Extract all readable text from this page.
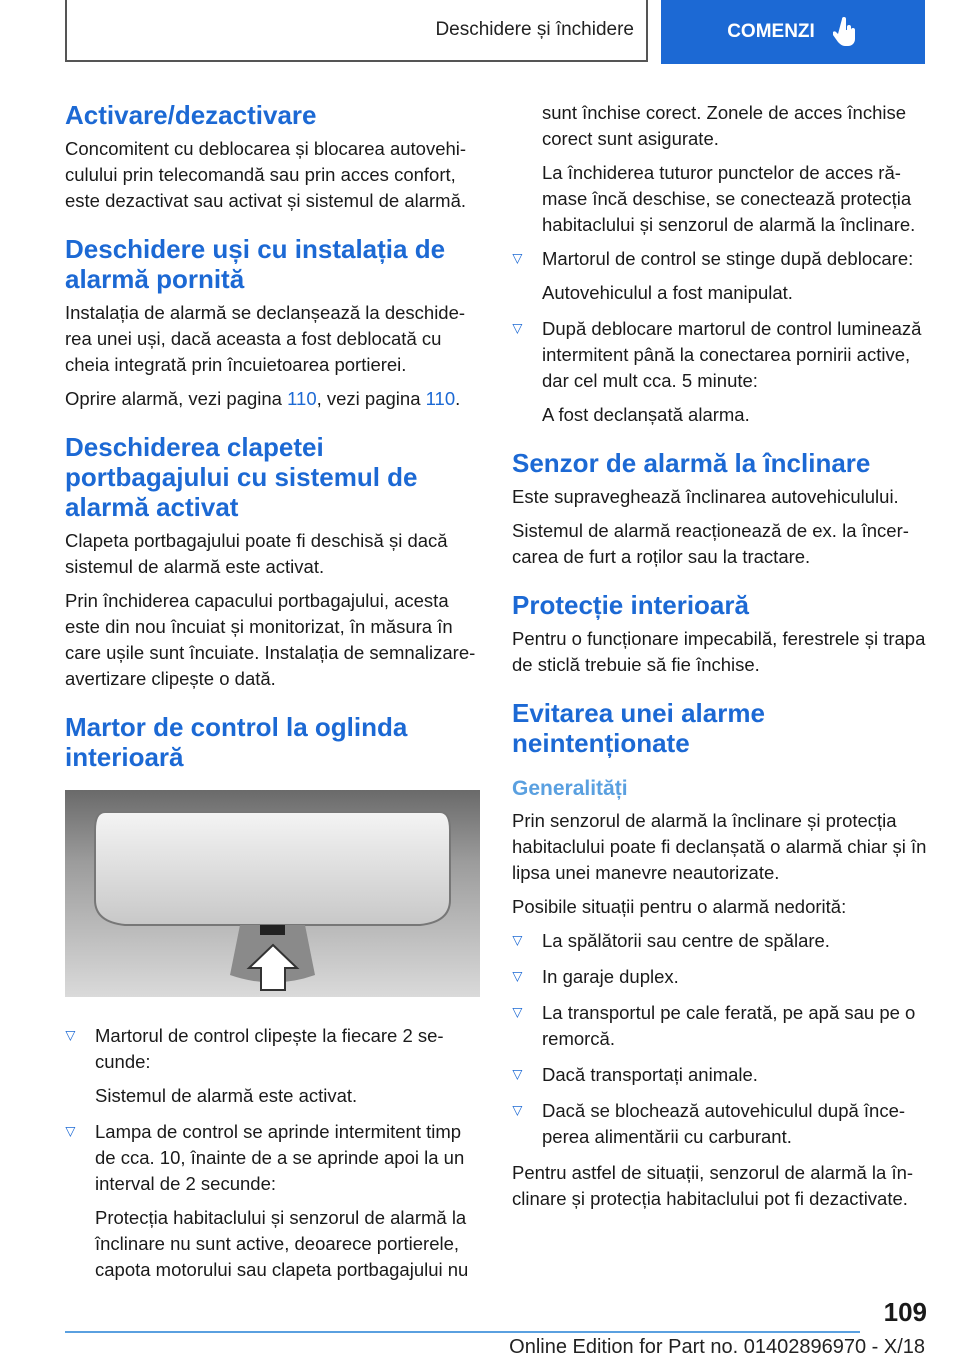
Deschidere și închidere	COMENZI
Activare/dezactivare

Concomitent cu deblocarea și blocarea autovehiculului prin telecomandă sau prin acces confort, este dezactivat sau activat și sistemul de alarmă.

Deschidere uși cu instalația de alarmă pornită

Instalația de alarmă se declanșează la deschiderea unei uși, dacă aceasta a fost deblocată cu cheia integrată prin încuietoarea portierei.

Oprire alarmă, vezi pagina 110, vezi pagina 110.

Deschiderea clapetei portbagajului cu sistemul de alarmă activat

Clapeta portbagajului poate fi deschisă și dacă sistemul de alarmă este activat.

Prin închiderea capacului portbagajului, acesta este din nou încuiat și monitorizat, în măsura în care ușile sunt încuiate. Instalația de semnalizare-avertizare clipește o dată.

Martor de control la oglinda interioară
▷ Martorul de control clipește la fiecare 2 secunde:
Sistemul de alarmă este activat.
▷ Lampa de control se aprinde intermitent timp de cca. 10, înainte de a se aprinde apoi la un interval de 2 secunde:
Protecția habitaclului și senzorul de alarmă la înclinare nu sunt active, deoarece portierele, capota motorului sau clapeta portbagajului nu

sunt închise corect. Zonele de acces închise corect sunt asigurate.

La închiderea tuturor punctelor de acces rămase încă deschise, se conectează protecția habitaclului și senzorul de alarmă la înclinare.

▷ Martorul de control se stinge după deblocare:
Autovehiculul a fost manipulat.
▷ După deblocare martorul de control luminează intermitent până la conectarea pornirii active, dar cel mult cca. 5 minute:
A fost declanșată alarma.
Senzor de alarmă la înclinare

Este supraveghează înclinarea autovehiculului.

Sistemul de alarmă reacționează de ex. la încercarea de furt a roților sau la tractare.

Protecție interioară

Pentru o funcționare impecabilă, ferestrele și trapa de sticlă trebuie să fie închise.

Evitarea unei alarme neintenționate
Generalități

Prin senzorul de alarmă la înclinare și protecția habitaclului poate fi declanșată o alarmă chiar și în lipsa unei manevre neautorizate.

Posibile situații pentru o alarmă nedorită:

▷ La spălătorii sau centre de spălare.
▷ In garaje duplex.
▷ La transportul pe cale ferată, pe apă sau pe o remorcă.
▷ Dacă transportați animale.
▷ Dacă se blochează autovehiculul după începerea alimentării cu carburant.

Pentru astfel de situații, senzorul de alarmă la înclinare și protecția habitaclului pot fi dezactivate.

109
Online Edition for Part no. 01402896970 - X/18
